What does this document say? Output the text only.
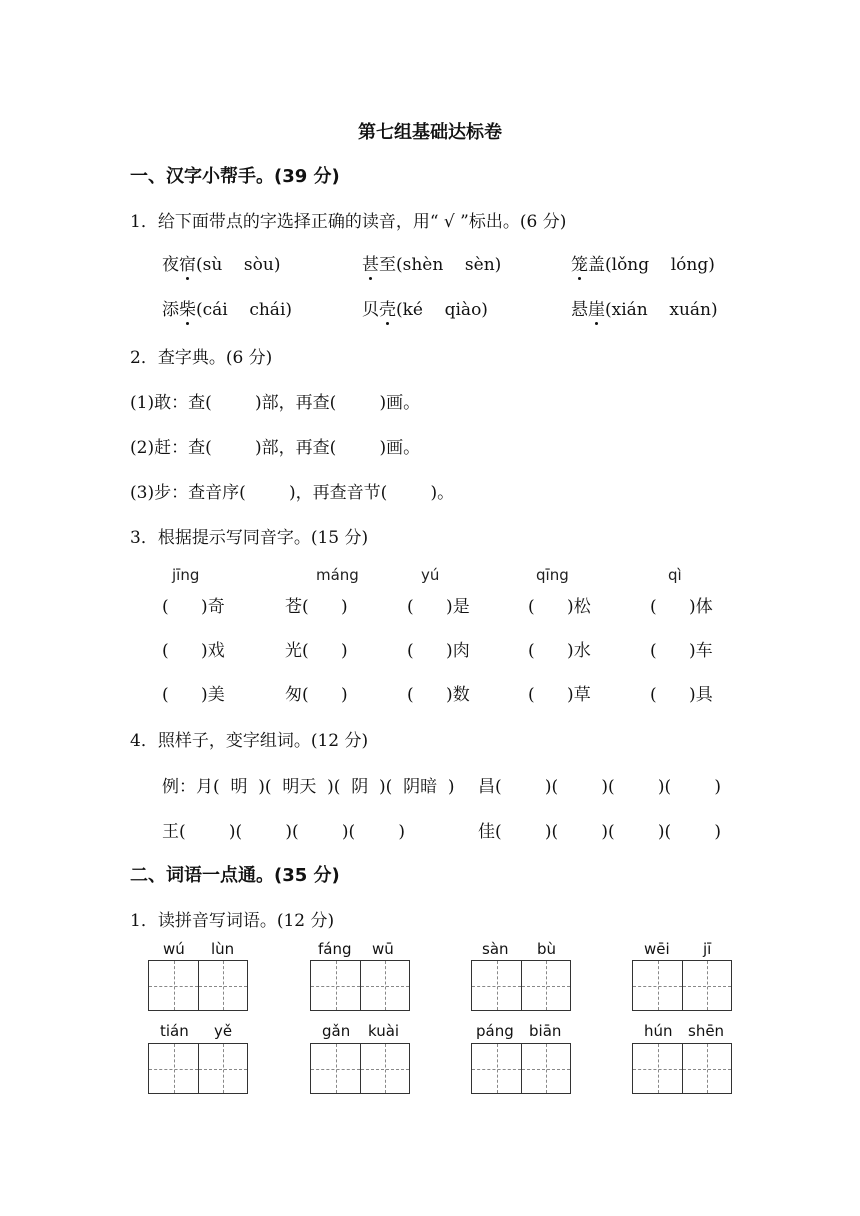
第七组基础达标卷
一、汉字小帮手。(39 分)
1．给下面带点的字选择正确的读音，用“ √ ”标出。(6 分)
夜宿(sù    sòu)	甚至(shèn    sèn)	笼盖(lǒng    lóng)
添柴(cái    chái)	贝壳(ké    qiào)	悬崖(xián    xuán)
2．查字典。(6 分)
(1)敢：查(        )部，再查(        )画。
(2)赶：查(        )部，再查(        )画。
(3)步：查音序(        )，再查音节(        )。
3．根据提示写同音字。(15 分)
jīng	máng	yú	qīng	qì
(      )奇	苍(      )	(      )是	(      )松	(      )体
(      )戏	光(      )	(      )肉	(      )水	(      )车
(      )美	匆(      )	(      )数	(      )草	(      )具
4．照样子，变字组词。(12 分)
例：月(  明  )(  明天  )(  阴  )(  阴暗  ) 昌(        )(        )(        )(        )
王(        )(        )(        )(        )	佳(        )(        )(        )(        )
二、词语一点通。(35 分)
1．读拼音写词语。(12 分)
wú lùn	fáng wū	sàn bù	wēi jī
tián yě	gǎn kuài	páng biān	hún shēn
